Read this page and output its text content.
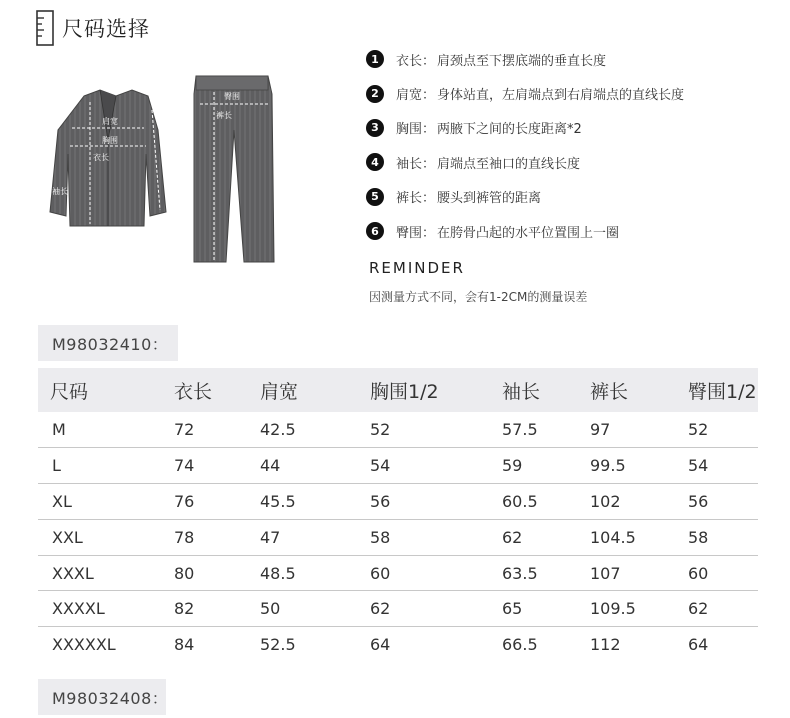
尺码选择
肩宽
胸围
衣长
袖长
臀围
裤长
1	衣长 ： 肩颈点至下摆底端的垂直长度
2	肩宽 ： 身体站直，左肩端点到右肩端点的直线长度
3	胸围 ： 两腋下之间的长度距离*2
4	袖长 ： 肩端点至袖口的直线长度
5	裤长 ： 腰头到裤管的距离
6	臀围 ： 在胯骨凸起的水平位置围上一圈
REMINDER
因测量方式不同，会有1-2CM的测量误差
M98032410：
尺码	衣长	肩宽	胸围1/2	袖长	裤长	臀围1/2
M	72	42.5	52	57.5	97	52
L	74	44	54	59	99.5	54
XL	76	45.5	56	60.5	102	56
XXL	78	47	58	62	104.5	58
XXXL	80	48.5	60	63.5	107	60
XXXXL	82	50	62	65	109.5	62
XXXXXL	84	52.5	64	66.5	112	64
M98032408：
